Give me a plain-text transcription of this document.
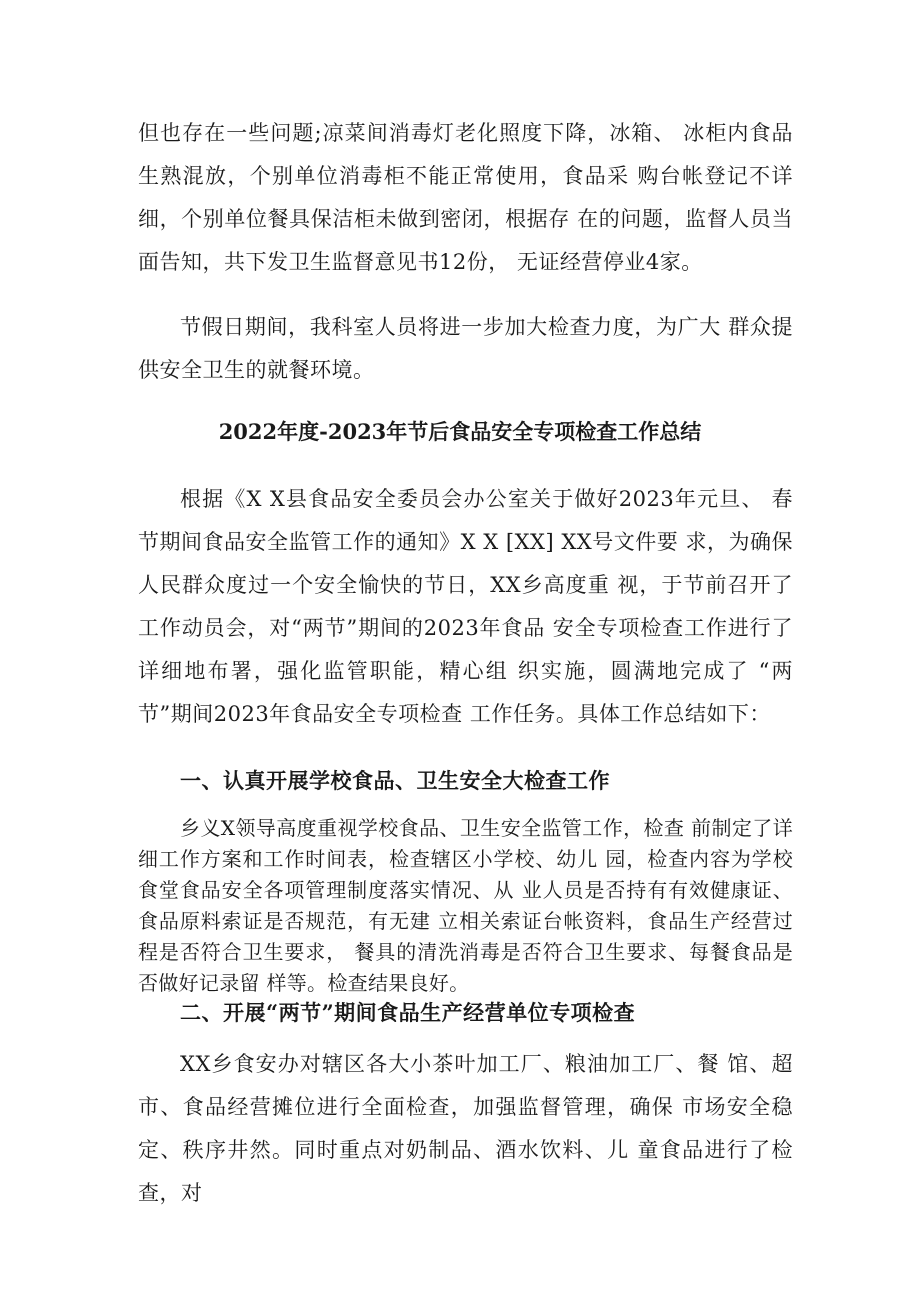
但也存在一些问题;凉菜间消毒灯老化照度下降，冰箱、 冰柜内食品生熟混放，个别单位消毒柜不能正常使用，食品采 购台帐登记不详细，个别单位餐具保洁柜未做到密闭，根据存 在的问题，监督人员当面告知，共下发卫生监督意见书12份， 无证经营停业4家。

节假日期间，我科室人员将进一步加大检查力度，为广大 群众提供安全卫生的就餐环境。

2022年度-2023年节后食品安全专项检查工作总结

根据《X X县食品安全委员会办公室关于做好2023年元旦、 春节期间食品安全监管工作的通知》X X [XX] XX号文件要 求，为确保人民群众度过一个安全愉快的节日，XX乡高度重 视，于节前召开了工作动员会，对“两节”期间的2023年食品 安全专项检查工作进行了详细地布署，强化监管职能，精心组 织实施，圆满地完成了 “两节”期间2023年食品安全专项检查 工作任务。具体工作总结如下：

一、认真开展学校食品、卫生安全大检查工作

乡义X领导高度重视学校食品、卫生安全监管工作，检查 前制定了详细工作方案和工作时间表，检查辖区小学校、幼儿 园，检查内容为学校食堂食品安全各项管理制度落实情况、从 业人员是否持有有效健康证、食品原料索证是否规范，有无建 立相关索证台帐资料，食品生产经营过程是否符合卫生要求， 餐具的清洗消毒是否符合卫生要求、每餐食品是否做好记录留 样等。检查结果良好。

二、开展“两节”期间食品生产经营单位专项检查

XX乡食安办对辖区各大小茶叶加工厂、粮油加工厂、餐 馆、超市、食品经营摊位进行全面检查，加强监督管理，确保 市场安全稳定、秩序井然。同时重点对奶制品、酒水饮料、儿 童食品进行了检查，对
